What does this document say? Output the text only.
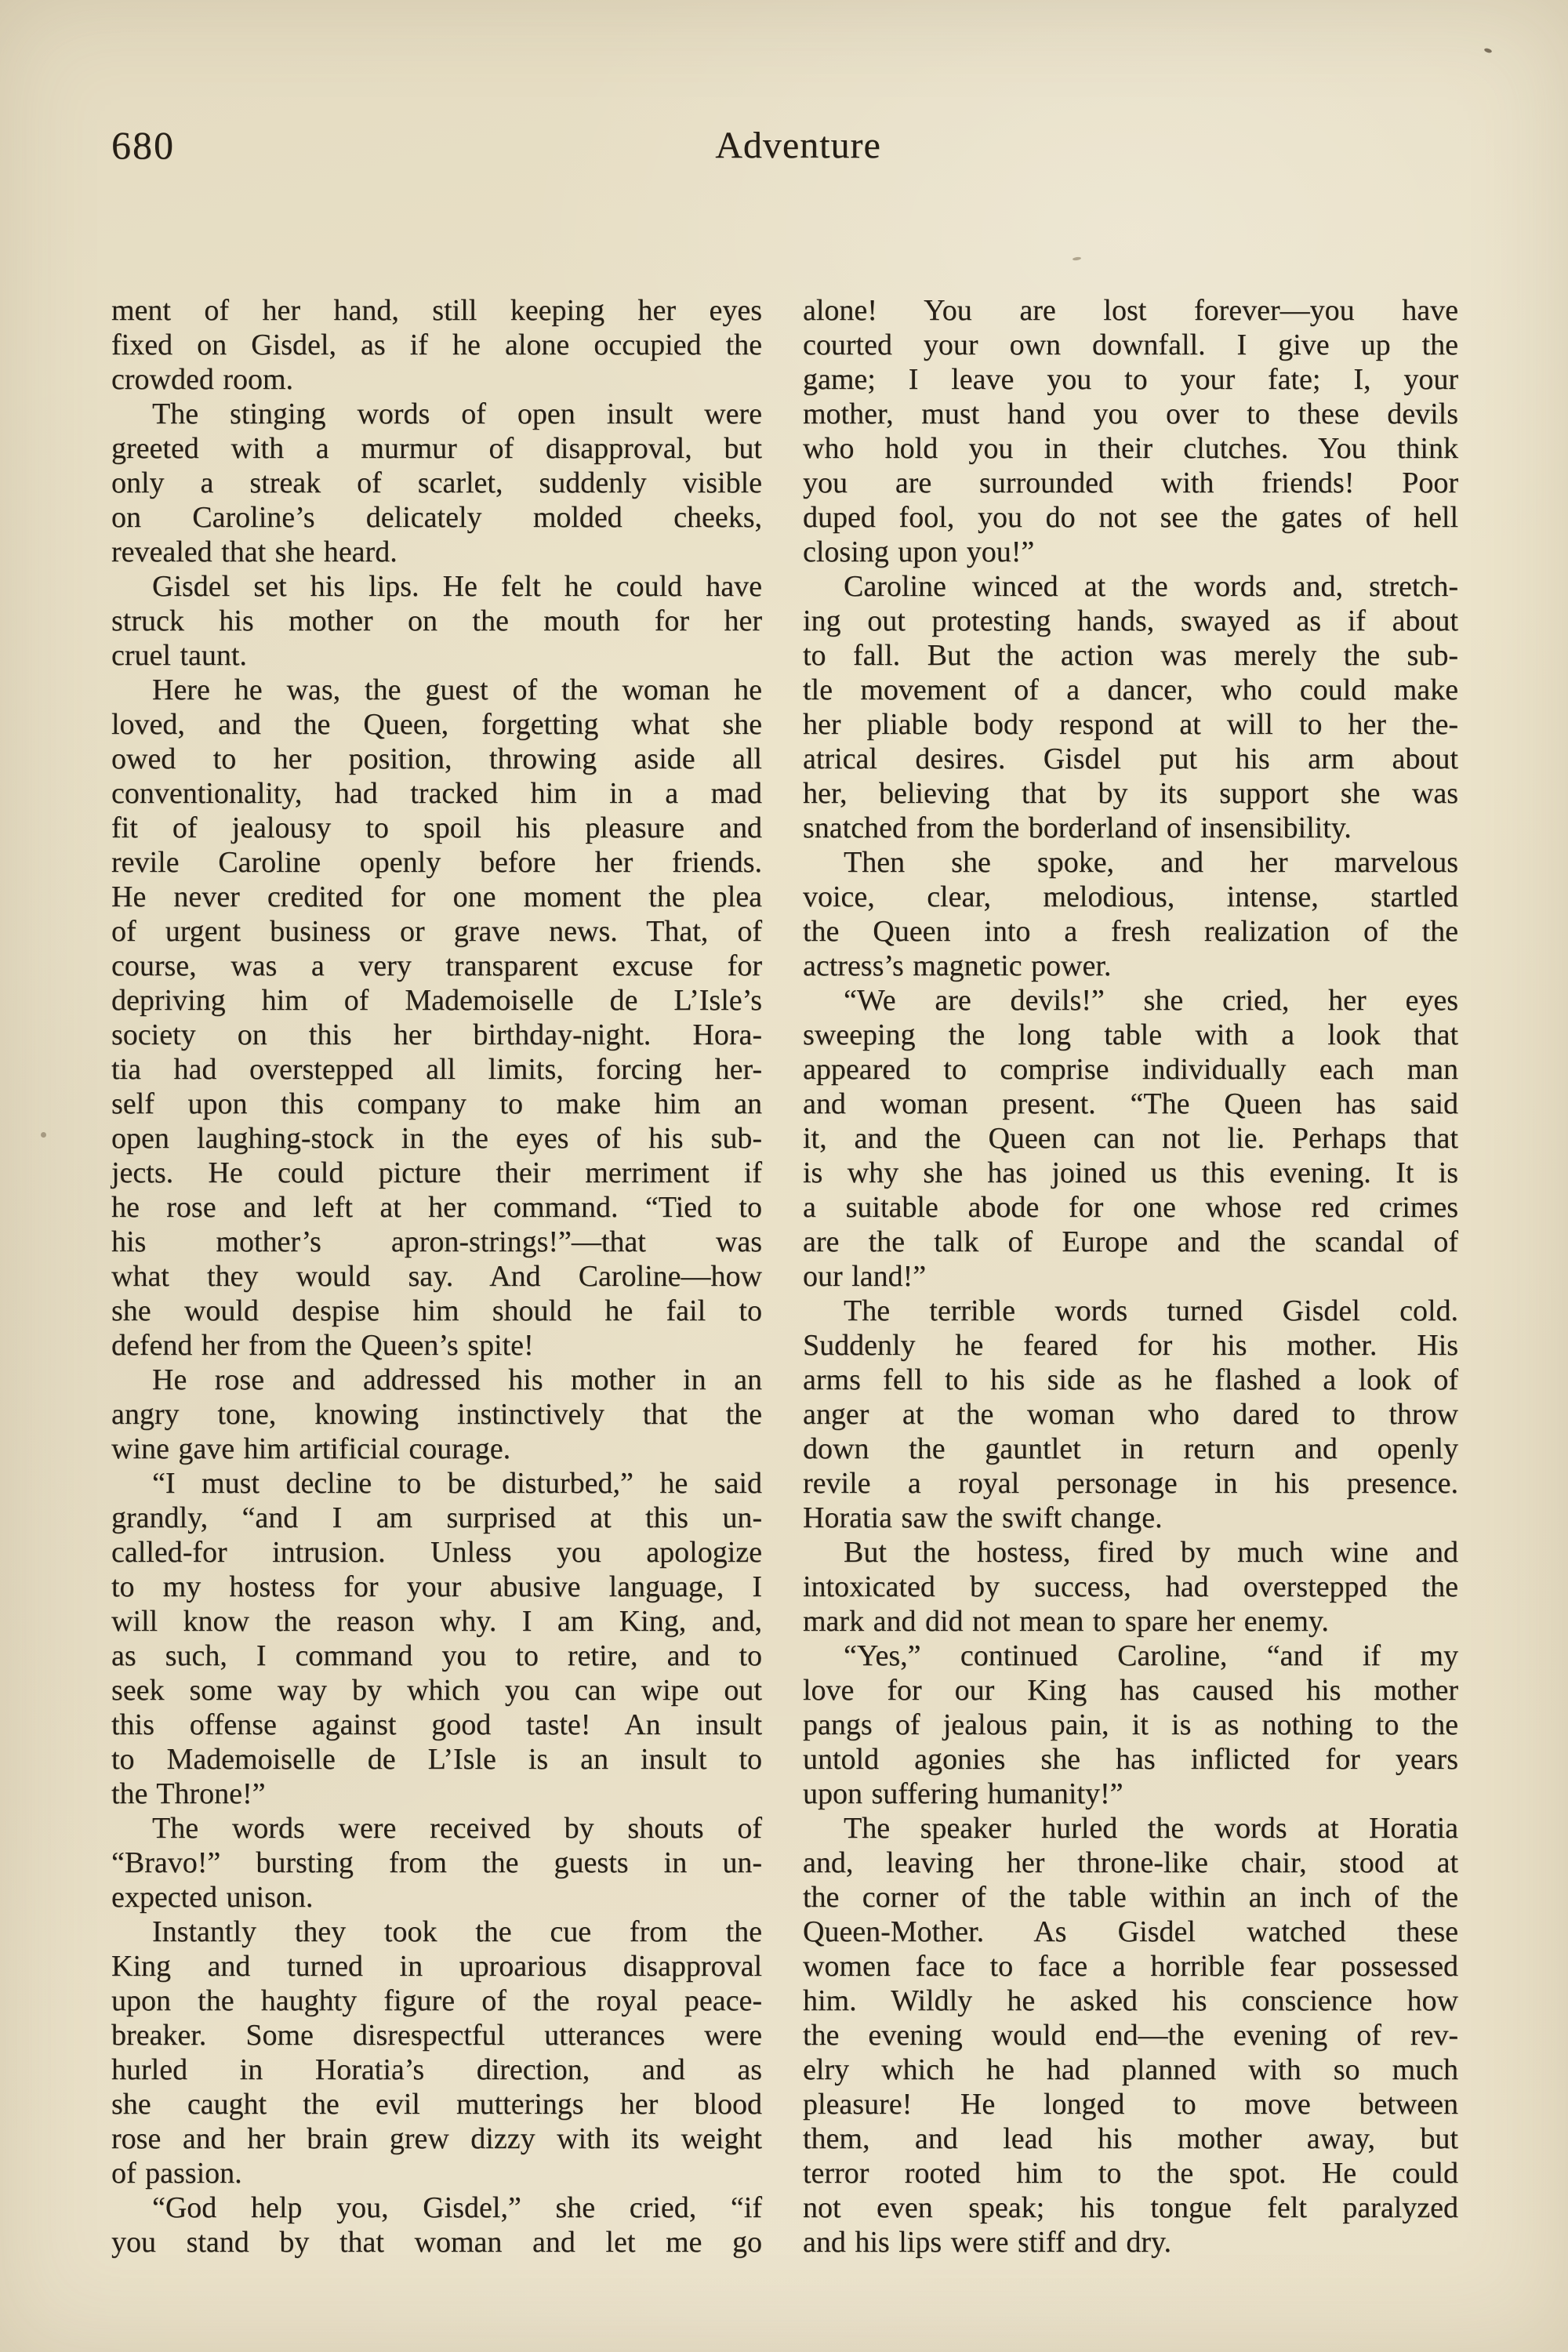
680	Adventure
ment of her hand, still keeping her eyes
fixed on Gisdel, as if he alone occupied the
crowded room.
The stinging words of open insult were
greeted with a murmur of disapproval, but
only a streak of scarlet, suddenly visible
on Caroline’s delicately molded cheeks,
revealed that she heard.
Gisdel set his lips. He felt he could have
struck his mother on the mouth for her
cruel taunt.
Here he was, the guest of the woman he
loved, and the Queen, forgetting what she
owed to her position, throwing aside all
conventionality, had tracked him in a mad
fit of jealousy to spoil his pleasure and
revile Caroline openly before her friends.
He never credited for one moment the plea
of urgent business or grave news. That, of
course, was a very transparent excuse for
depriving him of Mademoiselle de L’Isle’s
society on this her birthday-night. Hora-
tia had overstepped all limits, forcing her-
self upon this company to make him an
open laughing-stock in the eyes of his sub-
jects. He could picture their merriment if
he rose and left at her command. “Tied to
his mother’s apron-strings!”—that was
what they would say. And Caroline—how
she would despise him should he fail to
defend her from the Queen’s spite!
He rose and addressed his mother in an
angry tone, knowing instinctively that the
wine gave him artificial courage.
“I must decline to be disturbed,” he said
grandly, “and I am surprised at this un-
called-for intrusion. Unless you apologize
to my hostess for your abusive language, I
will know the reason why. I am King, and,
as such, I command you to retire, and to
seek some way by which you can wipe out
this offense against good taste! An insult
to Mademoiselle de L’Isle is an insult to
the Throne!”
The words were received by shouts of
“Bravo!” bursting from the guests in un-
expected unison.
Instantly they took the cue from the
King and turned in uproarious disapproval
upon the haughty figure of the royal peace-
breaker. Some disrespectful utterances were
hurled in Horatia’s direction, and as
she caught the evil mutterings her blood
rose and her brain grew dizzy with its weight
of passion.
“God help you, Gisdel,” she cried, “if
you stand by that woman and let me go
alone! You are lost forever—you have
courted your own downfall. I give up the
game; I leave you to your fate; I, your
mother, must hand you over to these devils
who hold you in their clutches. You think
you are surrounded with friends! Poor
duped fool, you do not see the gates of hell
closing upon you!”
Caroline winced at the words and, stretch-
ing out protesting hands, swayed as if about
to fall. But the action was merely the sub-
tle movement of a dancer, who could make
her pliable body respond at will to her the-
atrical desires. Gisdel put his arm about
her, believing that by its support she was
snatched from the borderland of insensibility.
Then she spoke, and her marvelous
voice, clear, melodious, intense, startled
the Queen into a fresh realization of the
actress’s magnetic power.
“We are devils!” she cried, her eyes
sweeping the long table with a look that
appeared to comprise individually each man
and woman present. “The Queen has said
it, and the Queen can not lie. Perhaps that
is why she has joined us this evening. It is
a suitable abode for one whose red crimes
are the talk of Europe and the scandal of
our land!”
The terrible words turned Gisdel cold.
Suddenly he feared for his mother. His
arms fell to his side as he flashed a look of
anger at the woman who dared to throw
down the gauntlet in return and openly
revile a royal personage in his presence.
Horatia saw the swift change.
But the hostess, fired by much wine and
intoxicated by success, had overstepped the
mark and did not mean to spare her enemy.
“Yes,” continued Caroline, “and if my
love for our King has caused his mother
pangs of jealous pain, it is as nothing to the
untold agonies she has inflicted for years
upon suffering humanity!”
The speaker hurled the words at Horatia
and, leaving her throne-like chair, stood at
the corner of the table within an inch of the
Queen-Mother. As Gisdel watched these
women face to face a horrible fear possessed
him. Wildly he asked his conscience how
the evening would end—the evening of rev-
elry which he had planned with so much
pleasure! He longed to move between
them, and lead his mother away, but
terror rooted him to the spot. He could
not even speak; his tongue felt paralyzed
and his lips were stiff and dry.
